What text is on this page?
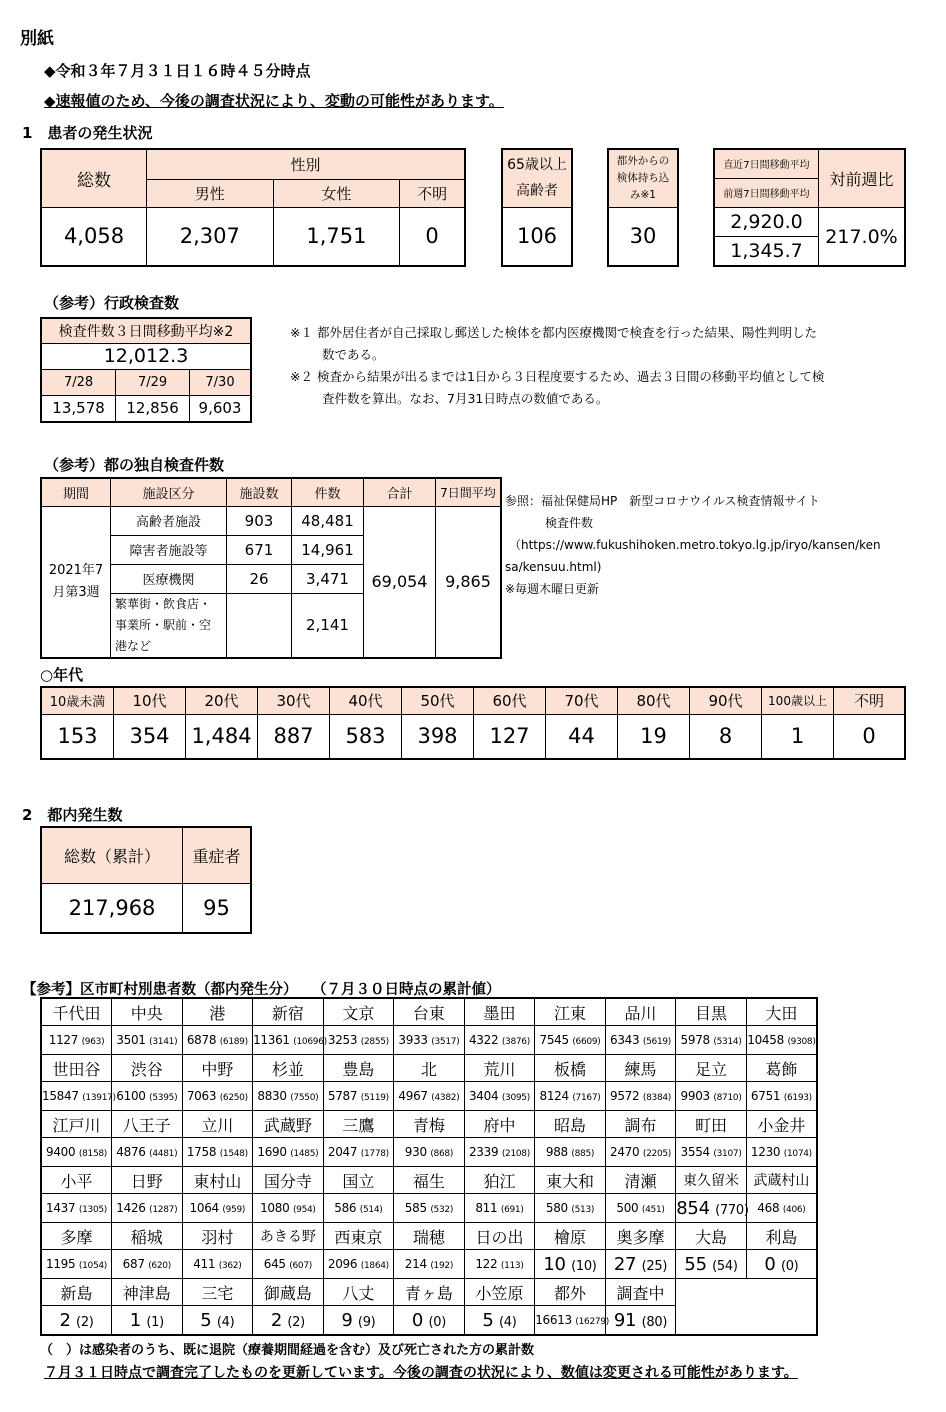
別紙
◆令和３年７月３１日１６時４５分時点
◆速報値のため、今後の調査状況により、変動の可能性があります。
1　患者の発生状況
総数	性別		
	男性	女性	不明
4,058	2,307	1,751	0
65歳以上
高齢者

106
都外からの検体持ち込み※1
30
直近7日間移動平均	対前週比
前週7日間移動平均	
2,920.0	217.0%
1,345.7	
（参考）行政検査数
検査件数３日間移動平均※2		
12,012.3		
7/28	7/29	7/30
13,578	12,856	9,603
※１ 都外居住者が自己採取し郵送した検体を都内医療機関で検査を行った結果、陽性判明した
数である。
※２ 検査から結果が出るまでは1日から３日程度要するため、過去３日間の移動平均値として検
査件数を算出。なお、7月31日時点の数値である。
（参考）都の独自検査件数
期間	施設区分	施設数	件数	合計	7日間平均
2021年7月第3週	高齢者施設	903	48,481	69,054	9,865
	障害者施設等	671	14,961		
	医療機関	26	3,471		
	繁華街・飲食店・事業所・駅前・空港など		2,141		
参照：福祉保健局HP　新型コロナウイルス検査情報サイト
検査件数
（https://www.fukushihoken.metro.tokyo.lg.jp/iryo/kansen/ken
sa/kensuu.html)
※毎週木曜日更新
○年代
10歳未満	10代	20代	30代	40代	50代	60代	70代	80代	90代	100歳以上	不明
153	354	1,484	887	583	398	127	44	19	8	1	0
2　都内発生数
総数（累計）	重症者
217,968	95
【参考】区市町村別患者数（都内発生分）　　（７月３０日時点の累計値）
千代田	中央	港	新宿	文京	台東	墨田	江東	品川	目黒	大田
1127 (963)	3501 (3141)	6878 (6189)	11361 (10696)	3253 (2855)	3933 (3517)	4322 (3876)	7545 (6609)	6343 (5619)	5978 (5314)	10458 (9308)
世田谷	渋谷	中野	杉並	豊島	北	荒川	板橋	練馬	足立	葛飾
15847 (13917)	6100 (5395)	7063 (6250)	8830 (7550)	5787 (5119)	4967 (4382)	3404 (3095)	8124 (7167)	9572 (8384)	9903 (8710)	6751 (6193)
江戸川	八王子	立川	武蔵野	三鷹	青梅	府中	昭島	調布	町田	小金井
9400 (8158)	4876 (4481)	1758 (1548)	1690 (1485)	2047 (1778)	930 (868)	2339 (2108)	988 (885)	2470 (2205)	3554 (3107)	1230 (1074)
小平	日野	東村山	国分寺	国立	福生	狛江	東大和	清瀬	東久留米	武蔵村山
1437 (1305)	1426 (1287)	1064 (959)	1080 (954)	586 (514)	585 (532)	811 (691)	580 (513)	500 (451)	854 (770)	468 (406)
多摩	稲城	羽村	あきる野	西東京	瑞穂	日の出	檜原	奥多摩	大島	利島
1195 (1054)	687 (620)	411 (362)	645 (607)	2096 (1864)	214 (192)	122 (113)	10 (10)	27 (25)	55 (54)	0 (0)
新島	神津島	三宅	御蔵島	八丈	青ヶ島	小笠原	都外	調査中		
2 (2)	1 (1)	5 (4)	2 (2)	9 (9)	0 (0)	5 (4)	16613 (16279)	91 (80)		
（　）は感染者のうち、既に退院（療養期間経過を含む）及び死亡された方の累計数
７月３１日時点で調査完了したものを更新しています。今後の調査の状況により、数値は変更される可能性があります。
